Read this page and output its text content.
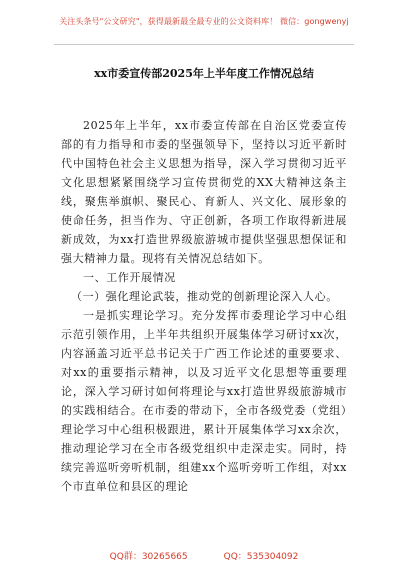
关注头条号"公文研究"，获得最新最全最专业的公文资料库！ 微信：gongwenyj
xx市委宣传部2025年上半年度工作情况总结

2025年上半年，xx市委宣传部在自治区党委宣传部的有力指导和市委的坚强领导下，坚持以习近平新时代中国特色社会主义思想为指导，深入学习贯彻习近平文化思想紧紧围绕学习宣传贯彻党的XX大精神这条主线，聚焦举旗帜、聚民心、育新人、兴文化、展形象的使命任务，担当作为、守正创新，各项工作取得新进展新成效，为xx打造世界级旅游城市提供坚强思想保证和强大精神力量。现将有关情况总结如下。

一、工作开展情况

（一）强化理论武装，推动党的创新理论深入人心。

一是抓实理论学习。充分发挥市委理论学习中心组示范引领作用，上半年共组织开展集体学习研讨xx次，内容涵盖习近平总书记关于广西工作论述的重要要求、对xx的重要指示精神，以及习近平文化思想等重要理论，深入学习研讨如何将理论与xx打造世界级旅游城市的实践相结合。在市委的带动下，全市各级党委（党组）理论学习中心组积极跟进，累计开展集体学习xx余次，推动理论学习在全市各级党组织中走深走实。同时，持续完善巡听旁听机制，组建xx个巡听旁听工作组，对xx个市直单位和县区的理论

QQ群：30265665	QQ：535304092
